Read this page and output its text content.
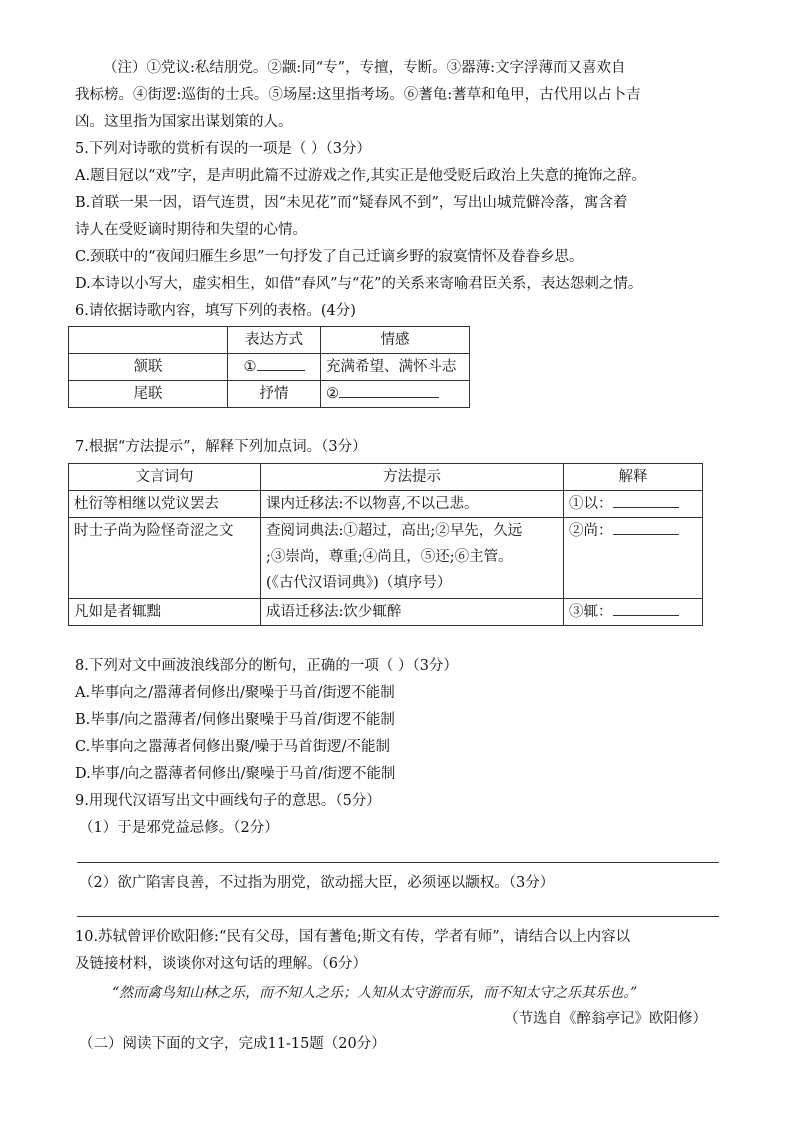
（注）①党议:私结朋党。②颛:同“专”，专擅，专断。③器薄:文字浮薄而又喜欢自
我标榜。④街逻:巡街的士兵。⑤场屋:这里指考场。⑥蓍龟:蓍草和龟甲，古代用以占卜吉
凶。这里指为国家出谋划策的人。
5.下列对诗歌的赏析有误的一项是（ ）（3分）
A.题目冠以“戏”字，是声明此篇不过游戏之作,其实正是他受贬后政治上失意的掩饰之辞。
B.首联一果一因，语气连贯，因“未见花”而“疑春风不到”，写出山城荒僻冷落，寓含着
诗人在受贬谪时期待和失望的心情。
C.颈联中的“夜闻归雁生乡思”一句抒发了自己迁谪乡野的寂寞情怀及眷眷乡思。
D.本诗以小写大，虚实相生，如借“春风”与“花”的关系来寄喻君臣关系，表达怨刺之情。
6.请依据诗歌内容，填写下列的表格。(4分)
	表达方式	情感
颔联	①	充满希望、满怀斗志
尾联	抒情	②
7.根据“方法提示”，解释下列加点词。（3分）
文言词句	方法提示	解释
杜衍等相继以党议罢去	课内迁移法:不以物喜,不以己悲。	①以：
时士子尚为险怪奇涩之文	查阅词典法:①超过，高出;②早先，久远
;③崇尚，尊重;④尚且，⑤还;⑥主管。
(《古代汉语词典》)（填序号）	②尚：
凡如是者辄黜	成语迁移法:饮少辄醉	③辄：
8.下列对文中画波浪线部分的断句，正确的一项（ ）（3分）
A.毕事向之/嚣薄者伺修出/聚噪于马首/街逻不能制
B.毕事/向之嚣薄者/伺修出聚噪于马首/街逻不能制
C.毕事向之嚣薄者伺修出聚/噪于马首街逻/不能制
D.毕事/向之嚣薄者伺修出/聚噪于马首/街逻不能制
9.用现代汉语写出文中画线句子的意思。（5分）
（1）于是邪党益忌修。（2分）
（2）欲广陷害良善，不过指为朋党，欲动摇大臣，必须诬以颛权。（3分）
10.苏轼曾评价欧阳修:“民有父母，国有蓍龟;斯文有传，学者有师”，请结合以上内容以
及链接材料，谈谈你对这句话的理解。（6分）
“然而禽鸟知山林之乐，而不知人之乐；人知从太守游而乐，而不知太守之乐其乐也。”
（节选自《醉翁亭记》欧阳修）
（二）阅读下面的文字，完成11-15题（20分）
